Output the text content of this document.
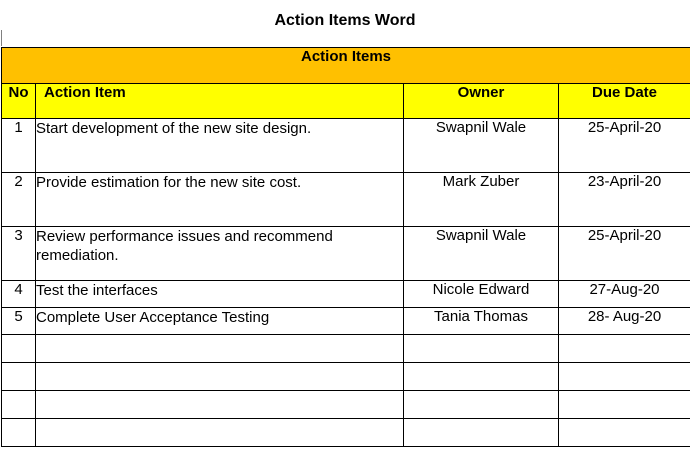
Action Items Word
Action Items			
No	Action Item	Owner	Due Date
1	Start development of the new site design.	Swapnil Wale	25-April-20
2	Provide estimation for the new site cost.	Mark Zuber	23-April-20
3	Review performance issues and recommend remediation.	Swapnil Wale	25-April-20
4	Test the interfaces	Nicole Edward	27-Aug-20
5	Complete User Acceptance Testing	Tania Thomas	28- Aug-20
